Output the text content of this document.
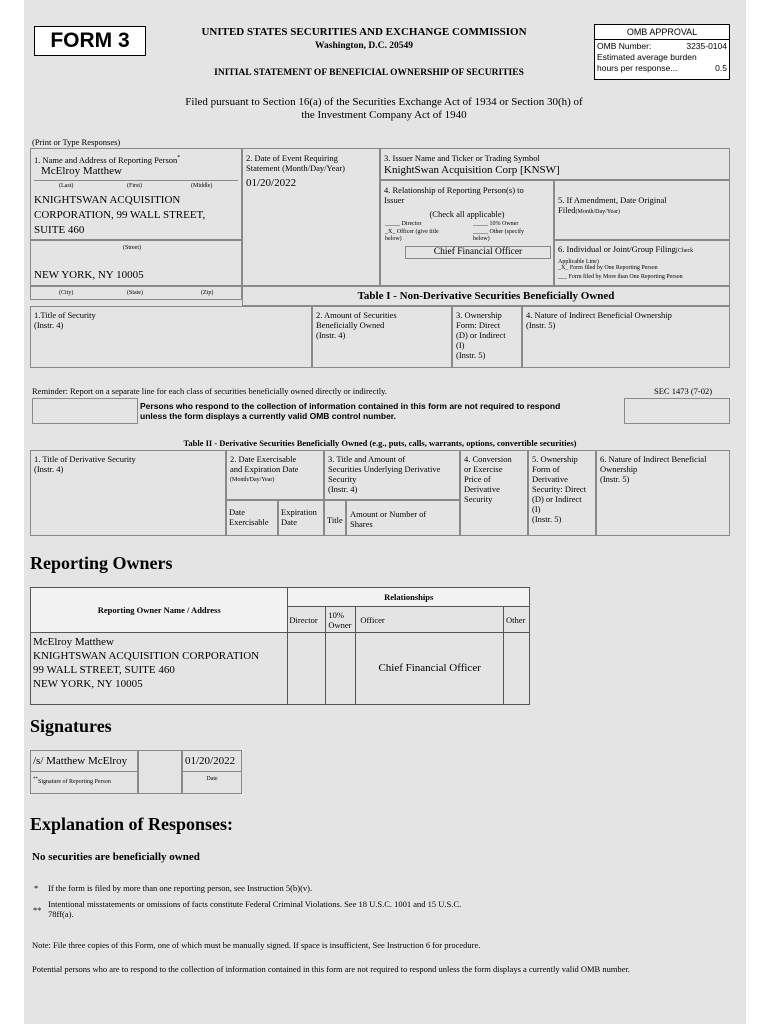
FORM 3	UNITED STATES SECURITIES AND EXCHANGE COMMISSION
Washington, D.C. 20549
INITIAL STATEMENT OF BENEFICIAL OWNERSHIP OF SECURITIES
OMB APPROVAL
OMB Number:	3235-0104
Estimated average burden
hours per response...	0.5
Filed pursuant to Section 16(a) of the Securities Exchange Act of 1934 or Section 30(h) of
the Investment Company Act of 1940
(Print or Type Responses)
1. Name and Address of Reporting Person*
McElroy Matthew
(Last)	(First)	(Middle)
KNIGHTSWAN ACQUISITION
CORPORATION, 99 WALL STREET,
SUITE 460
(Street)
NEW YORK, NY 10005
(City)	(State)	(Zip)
2. Date of Event Requiring
Statement (Month/Day/Year)
01/20/2022
3. Issuer Name and Ticker or Trading Symbol
KnightSwan Acquisition Corp [KNSW]
4. Relationship of Reporting Person(s) to
Issuer
(Check all applicable)
_____ Director	_____ 10% Owner
_X_ Officer (give title
below)
_____ Other (specify
below)
Chief Financial Officer

5. If Amendment, Date Original
Filed(Month/Day/Year)

6. Individual or Joint/Group Filing(Check
Applicable Line)
_X_ Form filed by One Reporting Person
___ Form filed by More than One Reporting Person
Table I - Non-Derivative Securities Beneficially Owned
1.Title of Security
(Instr. 4)
2. Amount of Securities
Beneficially Owned
(Instr. 4)
3. Ownership
Form: Direct
(D) or Indirect
(I)
(Instr. 5)
4. Nature of Indirect Beneficial Ownership
(Instr. 5)
Reminder: Report on a separate line for each class of securities beneficially owned directly or indirectly.	SEC 1473 (7-02)
Persons who respond to the collection of information contained in this form are not required to respond
unless the form displays a currently valid OMB control number.
Table II - Derivative Securities Beneficially Owned (e.g., puts, calls, warrants, options, convertible securities)
1. Title of Derivative Security
(Instr. 4)
2. Date Exercisable
and Expiration Date
(Month/Day/Year)
Date
Exercisable
Expiration
Date
3. Title and Amount of
Securities Underlying Derivative
Security
(Instr. 4)
Title
Amount or Number of
Shares
4. Conversion
or Exercise
Price of
Derivative
Security
5. Ownership
Form of
Derivative
Security: Direct
(D) or Indirect
(I)
(Instr. 5)
6. Nature of Indirect Beneficial
Ownership
(Instr. 5)
Reporting Owners
Reporting Owner Name / Address	Relationships			
	Director	10%
Owner	Officer	Other
McElroy Matthew
KNIGHTSWAN ACQUISITION CORPORATION
99 WALL STREET, SUITE 460
NEW YORK, NY 10005			Chief Financial Officer	
Signatures
/s/ Matthew McElroy
**Signature of Reporting Person
01/20/2022
Date
Explanation of Responses:
No securities are beneficially owned
* If the form is filed by more than one reporting person, see Instruction 5(b)(v).
**
Intentional misstatements or omissions of facts constitute Federal Criminal Violations. See 18 U.S.C. 1001 and 15 U.S.C.
78ff(a).
Note: File three copies of this Form, one of which must be manually signed. If space is insufficient, See Instruction 6 for procedure.
Potential persons who are to respond to the collection of information contained in this form are not required to respond unless the form displays a currently valid OMB number.
